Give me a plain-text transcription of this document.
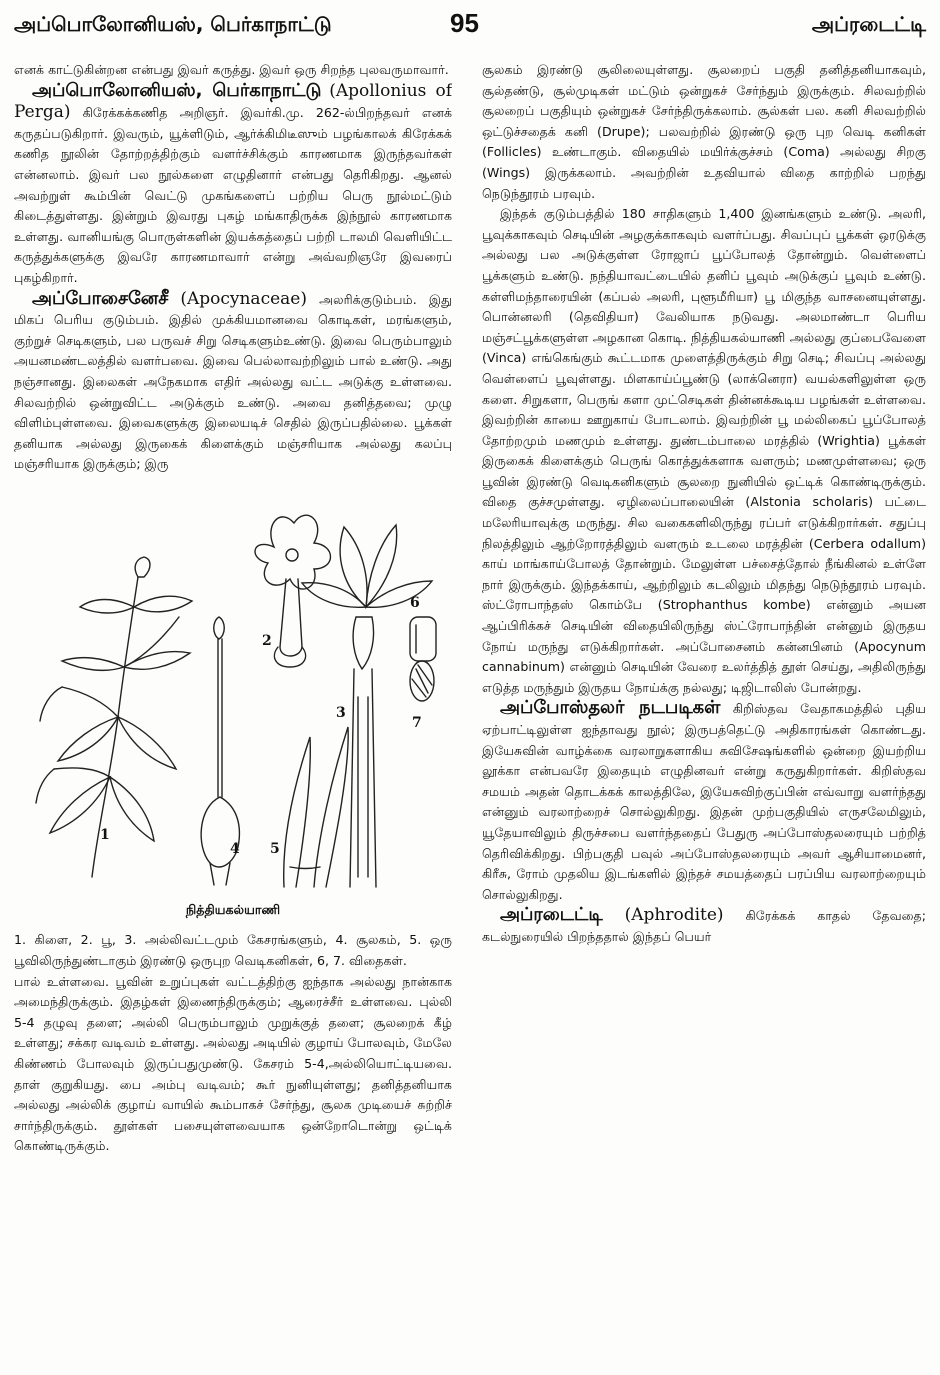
அப்பொலோனியஸ், பெர்காநாட்டு	95	அப்ரடைட்டி

எனக் காட்டுகின்றன என்பது இவர் கருத்து. இவர் ஒரு சிறந்த புலவருமாவார்.

அப்பொலோனியஸ், பெர்காநாட்டு (Apollonius of Perga) கிரேக்கக்கணித அறிஞர். இவர்கி.மு. 262-ல்பிறந்தவர் எனக் கருதப்படுகிறார். இவரும், யூக்ளிடும், ஆர்க்கிமிடீஸும் பழங்காலக் கிரேக்கக் கணித நூலின் தோற்றத்திற்கும் வளர்ச்சிக்கும் காரணமாக இருந்தவர்கள் என்னலாம். இவர் பல நூல்களை எழுதினார் என்பது தெரிகிறது. ஆனல் அவற்றுள் கூம்பின் வெட்டு முகங்களைப் பற்றிய பெரு நூல்மட்டும் கிடைத்துள்ளது. இன்றும் இவரது புகழ் மங்காதிருக்க இந்நூல் காரணமாக உள்ளது. வானியங்கு பொருள்களின் இயக்கத்தைப் பற்றி டாலமி வெளியிட்ட கருத்துக்களுக்கு இவரே காரணமாவார் என்று அவ்வறிஞரே இவரைப் புகழ்கிறார்.

அப்போசைனேசீ (Apocynaceae) அலரிக்குடும்பம். இது மிகப் பெரிய குடும்பம். இதில் முக்கியமானவை கொடிகள், மரங்களும், குற்றுச் செடிகளும், பல பருவச் சிறு செடிகளும்உண்டு. இவை பெரும்பாலும் அயனமண்டலத்தில் வளர்பவை. இவை பெல்லாவற்றிலும் பால் உண்டு. அது நஞ்சானது. இலைகள் அநேகமாக எதிர் அல்லது வட்ட அடுக்கு உள்ளவை. சிலவற்றில் ஒன்றுவிட்ட அடுக்கும் உண்டு. அவை தனித்தவை; முழு விளிம்புள்ளவை. இவைகளுக்கு இலையடிச் செதில் இருப்பதில்லை. பூக்கள் தனியாக அல்லது இருகைக் கிளைக்கும் மஞ்சரியாக அல்லது கலப்பு மஞ்சரியாக இருக்கும்; இரு

1
2
3
4 5
6
7
நித்தியகல்யாணி

1. கிளை, 2. பூ, 3. அல்லிவட்டமும் கேசரங்களும், 4. சூலகம், 5. ஒரு பூவிலிருந்துண்டாகும் இரண்டு ஒருபுற வெடிகனிகள், 6, 7. விதைகள்.

பால் உள்ளவை. பூவின் உறுப்புகள் வட்டத்திற்கு ஐந்தாக அல்லது நான்காக அமைந்திருக்கும். இதழ்கள் இணைந்திருக்கும்; ஆரைச்சீர் உள்ளவை. புல்லி 5-4 தழுவு தளை; அல்லி பெரும்பாலும் முறுக்குத் தளை; சூலறைக் கீழ் உள்ளது; சக்கர வடிவம் உள்ளது. அல்லது அடியில் குழாய் போலவும், மேலே கிண்ணம் போலவும் இருப்பதுமுண்டு. கேசரம் 5-4,அல்லியொட்டியவை. தாள் குறுகியது. பை அம்பு வடிவம்; கூர் நுனியுள்ளது; தனித்தனியாக அல்லது அல்லிக் குழாய் வாயில் கூம்பாகச் சேர்ந்து, சூலக முடியைச் சுற்றிச் சார்ந்திருக்கும். தூள்கள் பசையுள்ளவையாக ஒன்றோடொன்று ஒட்டிக் கொண்டிருக்கும்.

சூலகம் இரண்டு சூலிலையுள்ளது. சூலறைப் பகுதி தனித்தனியாகவும், சூல்தண்டு, சூல்முடிகள் மட்டும் ஒன்றுகச் சேர்ந்தும் இருக்கும். சிலவற்றில் சூலறைப் பகுதியும் ஒன்றுகச் சேர்ந்திருக்கலாம். சூல்கள் பல. கனி சிலவற்றில் ஒட்டுச்சதைக் கனி (Drupe); பலவற்றில் இரண்டு ஒரு புற வெடி கனிகள் (Follicles) உண்டாகும். விதையில் மயிர்க்குச்சம் (Coma) அல்லது சிறகு (Wings) இருக்கலாம். அவற்றின் உதவியால் விதை காற்றில் பறந்து நெடுந்தூரம் பரவும்.

இந்தக் குடும்பத்தில் 180 சாதிகளும் 1,400 இனங்களும் உண்டு. அலரி, பூவுக்காகவும் செடியின் அழகுக்காகவும் வளர்ப்பது. சிவப்புப் பூக்கள் ஒரடுக்கு அல்லது பல அடுக்குள்ள ரோஜாப் பூப்போலத் தோன்றும். வெள்ளைப் பூக்களும் உண்டு. நந்தியாவட்டையில் தனிப் பூவும் அடுக்குப் பூவும் உண்டு. கள்ளிமந்தாரையின் (கப்பல் அலரி, புளூமீரியா) பூ மிகுந்த வாசனையுள்ளது. பொன்னலரி (தெவிதியா) வேலியாக நடுவது. அலமாண்டா பெரிய மஞ்சட்பூக்களுள்ள அழகான கொடி. நித்தியகல்யாணி அல்லது குப்பைவேளை (Vinca) எங்கெங்கும் கூட்டமாக முளைத்திருக்கும் சிறு செடி; சிவப்பு அல்லது வெள்ளைப் பூவுள்ளது. மிளகாய்ப்பூண்டு (லாக்னெரா) வயல்களிலுள்ள ஒரு களை. சிறுகளா, பெருங் களா முட்செடிகள் தின்னக்கூடிய பழங்கள் உள்ளவை. இவற்றின் காயை ஊறுகாய் போடலாம். இவற்றின் பூ மல்லிகைப் பூப்போலத் தோற்றமும் மணமும் உள்ளது. துண்டம்பாலை மரத்தில் (Wrightia) பூக்கள் இருகைக் கிளைக்கும் பெருங் கொத்துக்களாக வளரும்; மணமுள்ளவை; ஒரு பூவின் இரண்டு வெடிகனிகளும் சூலறை நுனியில் ஒட்டிக் கொண்டிருக்கும். விதை குச்சமுள்ளது. ஏழிலைப்பாலையின் (Alstonia scholaris) பட்டை மலேரியாவுக்கு மருந்து. சில வகைகளிலிருந்து ரப்பர் எடுக்கிறார்கள். சதுப்பு நிலத்திலும் ஆற்றோரத்திலும் வளரும் உடலை மரத்தின் (Cerbera odallum) காய் மாங்காய்போலத் தோன்றும். மேலுள்ள பச்சைத்தோல் நீங்கினல் உள்ளே நார் இருக்கும். இந்தக்காய், ஆற்றிலும் கடலிலும் மிதந்து நெடுந்தூரம் பரவும். ஸ்ட்ரோபாந்தஸ் கொம்பே (Strophanthus kombe) என்னும் அயன ஆப்பிரிக்கச் செடியின் விதையிலிருந்து ஸ்ட்ரோபாந்தின் என்னும் இருதய நோய் மருந்து எடுக்கிறார்கள். அப்போசைனம் கன்னபினம் (Apocynum cannabinum) என்னும் செடியின் வேரை உலர்த்தித் தூள் செய்து, அதிலிருந்து எடுத்த மருந்தும் இருதய நோய்க்கு நல்லது; டிஜிடாலிஸ் போன்றது.

அப்போஸ்தலர் நடபடிகள் கிறிஸ்தவ வேதாகமத்தில் புதிய ஏற்பாட்டிலுள்ள ஐந்தாவது நூல்; இருபத்தெட்டு அதிகாரங்கள் கொண்டது. இயேசுவின் வாழ்க்கை வரலாறுகளாகிய சுவிசேஷங்களில் ஒன்றை இயற்றிய லூக்கா என்பவரே இதையும் எழுதினவர் என்று கருதுகிறார்கள். கிறிஸ்தவ சமயம் அதன் தொடக்கக் காலத்திலே, இயேசுவிற்குப்பின் எவ்வாறு வளர்ந்தது என்னும் வரலாற்றைச் சொல்லுகிறது. இதன் முற்பகுதியில் எருசலேமிலும், யூதேயாவிலும் திருச்சபை வளர்ந்ததைப் பேதுரு அப்போஸ்தலரையும் பற்றித் தெரிவிக்கிறது. பிற்பகுதி பவுல் அப்போஸ்தலரையும் அவர் ஆசியாமைனர், கிரீசு, ரோம் முதலிய இடங்களில் இந்தச் சமயத்தைப் பரப்பிய வரலாற்றையும் சொல்லுகிறது.

அப்ரடைட்டி (Aphrodite) கிரேக்கக் காதல் தேவதை; கடல்நுரையில் பிறந்ததால் இந்தப் பெயர்
